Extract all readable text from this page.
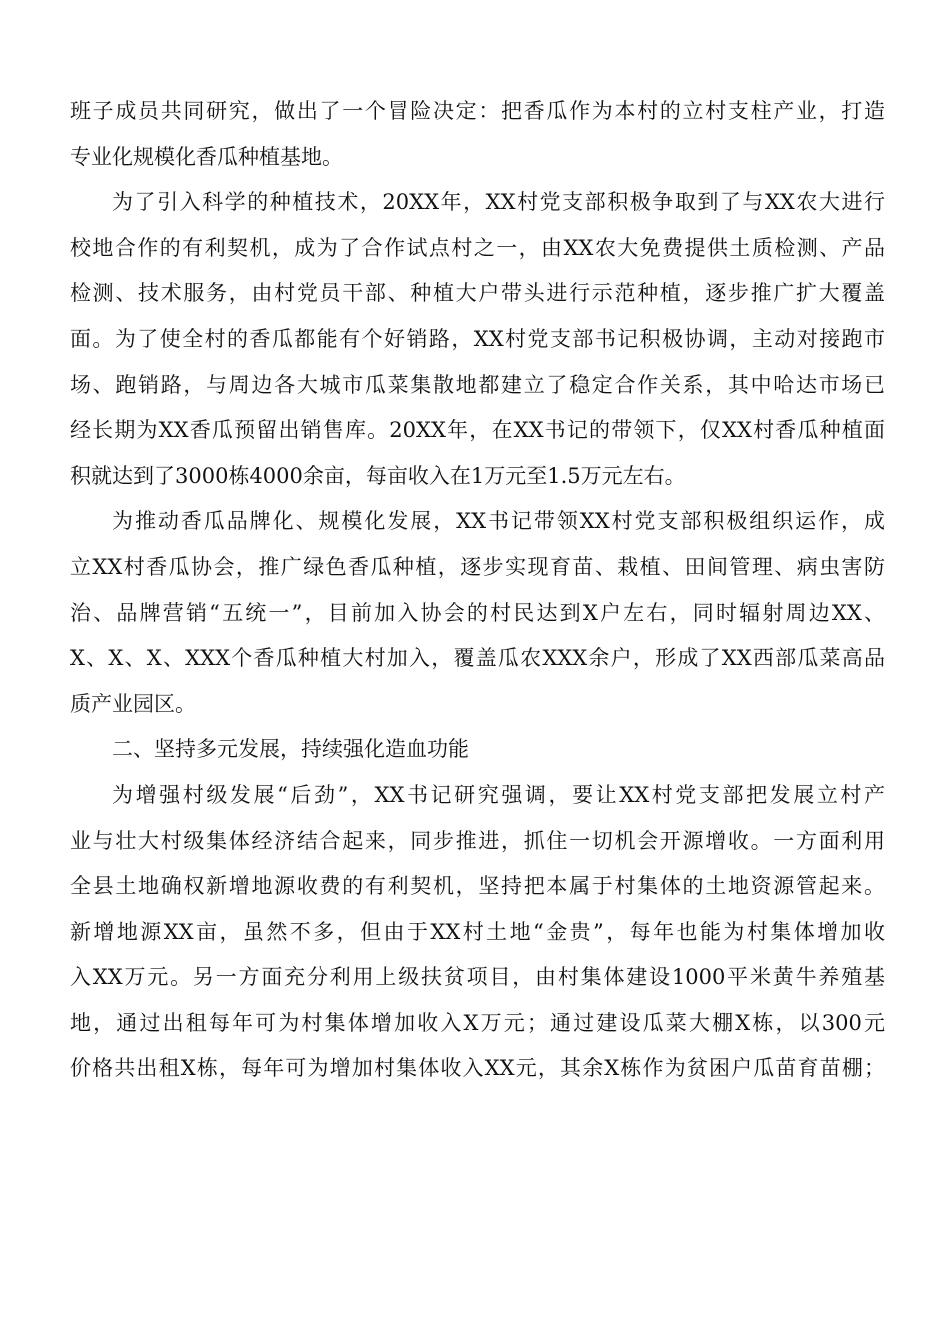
班子成员共同研究，做出了一个冒险决定：把香瓜作为本村的立村支柱产业，打造
专业化规模化香瓜种植基地。
为了引入科学的种植技术，20XX年，XX村党支部积极争取到了与XX农大进行
校地合作的有利契机，成为了合作试点村之一，由XX农大免费提供土质检测、产品
检测、技术服务，由村党员干部、种植大户带头进行示范种植，逐步推广扩大覆盖
面。为了使全村的香瓜都能有个好销路，XX村党支部书记积极协调，主动对接跑市
场、跑销路，与周边各大城市瓜菜集散地都建立了稳定合作关系，其中哈达市场已
经长期为XX香瓜预留出销售库。20XX年，在XX书记的带领下，仅XX村香瓜种植面
积就达到了3000栋4000余亩，每亩收入在1万元至1.5万元左右。
为推动香瓜品牌化、规模化发展，XX书记带领XX村党支部积极组织运作，成
立XX村香瓜协会，推广绿色香瓜种植，逐步实现育苗、栽植、田间管理、病虫害防
治、品牌营销“五统一”，目前加入协会的村民达到X户左右，同时辐射周边XX、
X、X、X、XXX个香瓜种植大村加入，覆盖瓜农XXX余户，形成了XX西部瓜菜高品
质产业园区。
二、坚持多元发展，持续强化造血功能
为增强村级发展“后劲”，XX书记研究强调，要让XX村党支部把发展立村产
业与壮大村级集体经济结合起来，同步推进，抓住一切机会开源增收。一方面利用
全县土地确权新增地源收费的有利契机，坚持把本属于村集体的土地资源管起来。
新增地源XX亩，虽然不多，但由于XX村土地“金贵”，每年也能为村集体增加收
入XX万元。另一方面充分利用上级扶贫项目，由村集体建设1000平米黄牛养殖基
地，通过出租每年可为村集体增加收入X万元；通过建设瓜菜大棚X栋，以300元
价格共出租X栋，每年可为增加村集体收入XX元，其余X栋作为贫困户瓜苗育苗棚；
